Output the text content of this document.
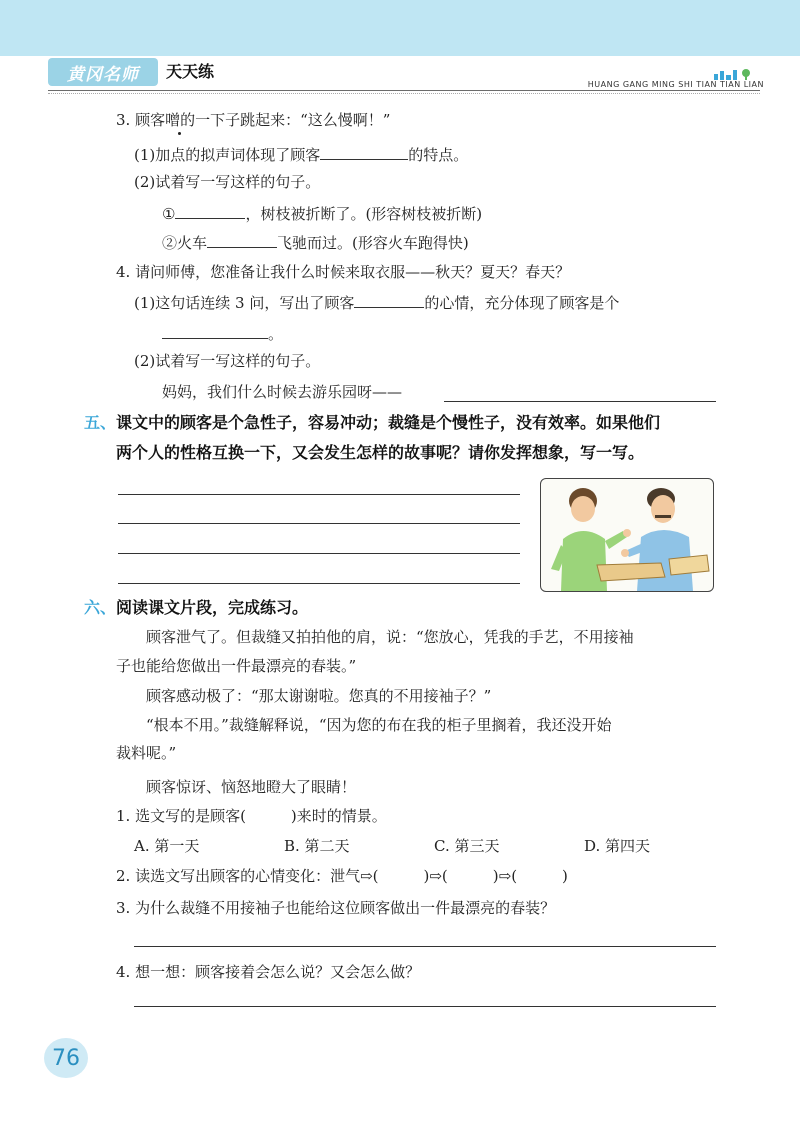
黄冈名师 天天练
HUANG GANG MING SHI TIAN TIAN LIAN
3. 顾客噌的一下子跳起来：“这么慢啊！”
(1)加点的拟声词体现了顾客	的特点。
(2)试着写一写这样的句子。
①	，树枝被折断了。(形容树枝被折断)
②火车	飞驰而过。(形容火车跑得快)
4. 请问师傅，您准备让我什么时候来取衣服——秋天？夏天？春天？
(1)这句话连续 3 问，写出了顾客	的心情，充分体现了顾客是个
。
(2)试着写一写这样的句子。
妈妈，我们什么时候去游乐园呀——
五、课文中的顾客是个急性子，容易冲动；裁缝是个慢性子，没有效率。如果他们
两个人的性格互换一下，又会发生怎样的故事呢？请你发挥想象，写一写。
六、阅读课文片段，完成练习。
顾客泄气了。但裁缝又拍拍他的肩，说：“您放心，凭我的手艺，不用接袖
子也能给您做出一件最漂亮的春装。”
顾客感动极了：“那太谢谢啦。您真的不用接袖子？”
“根本不用。”裁缝解释说，“因为您的布在我的柜子里搁着，我还没开始
裁料呢。”
顾客惊讶、恼怒地瞪大了眼睛！
1. 选文写的是顾客(　　　)来时的情景。
A. 第一天	B. 第二天	C. 第三天	D. 第四天
2. 读选文写出顾客的心情变化：泄气⇨(　　　)⇨(　　　)⇨(　　　)
3. 为什么裁缝不用接袖子也能给这位顾客做出一件最漂亮的春装？
4. 想一想：顾客接着会怎么说？又会怎么做？
76
